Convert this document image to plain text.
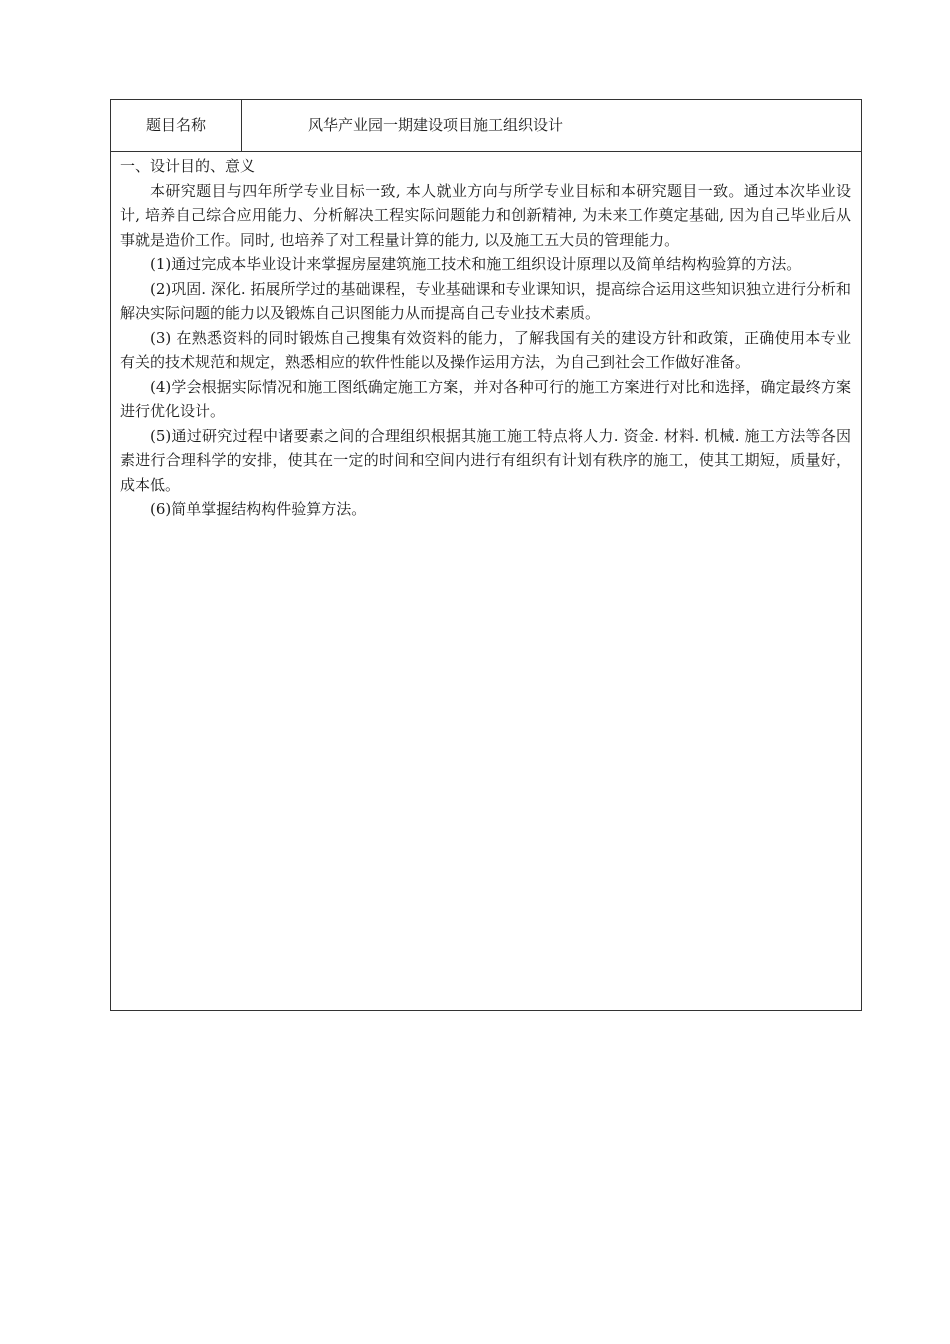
题目名称	风华产业园一期建设项目施工组织设计

一、设计目的、意义

本研究题目与四年所学专业目标一致, 本人就业方向与所学专业目标和本研究题目一致。通过本次毕业设计, 培养自己综合应用能力、分析解决工程实际问题能力和创新精神, 为未来工作奠定基础, 因为自己毕业后从事就是造价工作。同时, 也培养了对工程量计算的能力, 以及施工五大员的管理能力。

(1)通过完成本毕业设计来掌握房屋建筑施工技术和施工组织设计原理以及简单结构构验算的方法。

(2)巩固. 深化. 拓展所学过的基础课程，专业基础课和专业课知识，提高综合运用这些知识独立进行分析和解决实际问题的能力以及锻炼自己识图能力从而提高自己专业技术素质。

(3) 在熟悉资料的同时锻炼自己搜集有效资料的能力，了解我国有关的建设方针和政策，正确使用本专业有关的技术规范和规定，熟悉相应的软件性能以及操作运用方法，为自己到社会工作做好准备。

(4)学会根据实际情况和施工图纸确定施工方案，并对各种可行的施工方案进行对比和选择，确定最终方案进行优化设计。

(5)通过研究过程中诸要素之间的合理组织根据其施工施工特点将人力. 资金. 材料. 机械. 施工方法等各因素进行合理科学的安排，使其在一定的时间和空间内进行有组织有计划有秩序的施工，使其工期短，质量好，成本低。

(6)简单掌握结构构件验算方法。
